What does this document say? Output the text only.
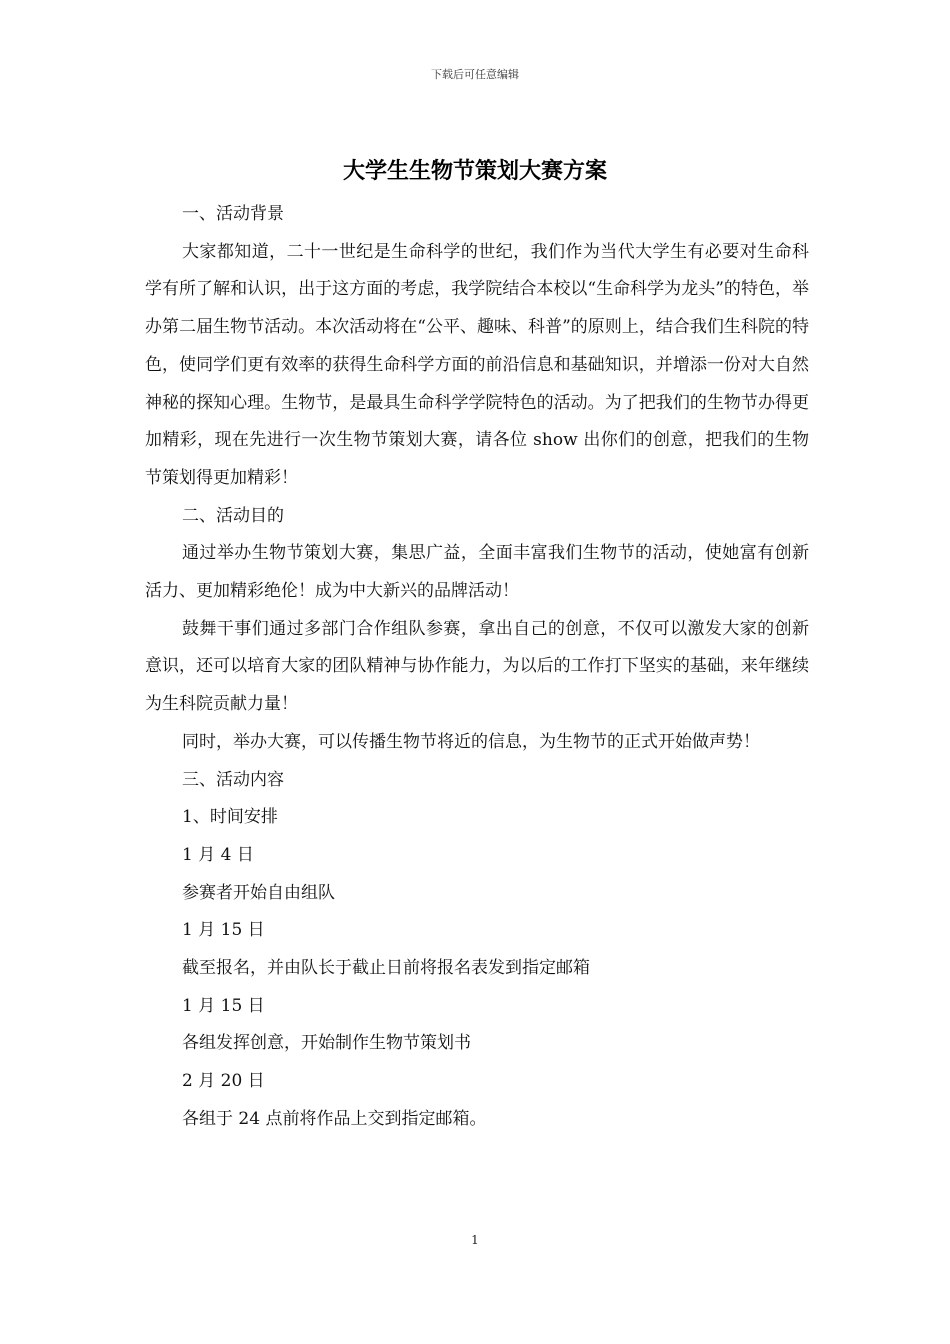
下载后可任意编辑
大学生生物节策划大赛方案

一、活动背景

大家都知道，二十一世纪是生命科学的世纪，我们作为当代大学生有必要对生命科学有所了解和认识，出于这方面的考虑，我学院结合本校以“生命科学为龙头”的特色，举办第二届生物节活动。本次活动将在“公平、趣味、科普”的原则上，结合我们生科院的特色，使同学们更有效率的获得生命科学方面的前沿信息和基础知识，并增添一份对大自然神秘的探知心理。生物节，是最具生命科学学院特色的活动。为了把我们的生物节办得更加精彩，现在先进行一次生物节策划大赛，请各位 show 出你们的创意，把我们的生物节策划得更加精彩！

二、活动目的

通过举办生物节策划大赛，集思广益，全面丰富我们生物节的活动，使她富有创新活力、更加精彩绝伦！成为中大新兴的品牌活动！

鼓舞干事们通过多部门合作组队参赛，拿出自己的创意，不仅可以激发大家的创新意识，还可以培育大家的团队精神与协作能力，为以后的工作打下坚实的基础，来年继续为生科院贡献力量！

同时，举办大赛，可以传播生物节将近的信息，为生物节的正式开始做声势！

三、活动内容

1、时间安排

1 月 4 日

参赛者开始自由组队

1 月 15 日

截至报名，并由队长于截止日前将报名表发到指定邮箱

1 月 15 日

各组发挥创意，开始制作生物节策划书

2 月 20 日

各组于 24 点前将作品上交到指定邮箱。

1
